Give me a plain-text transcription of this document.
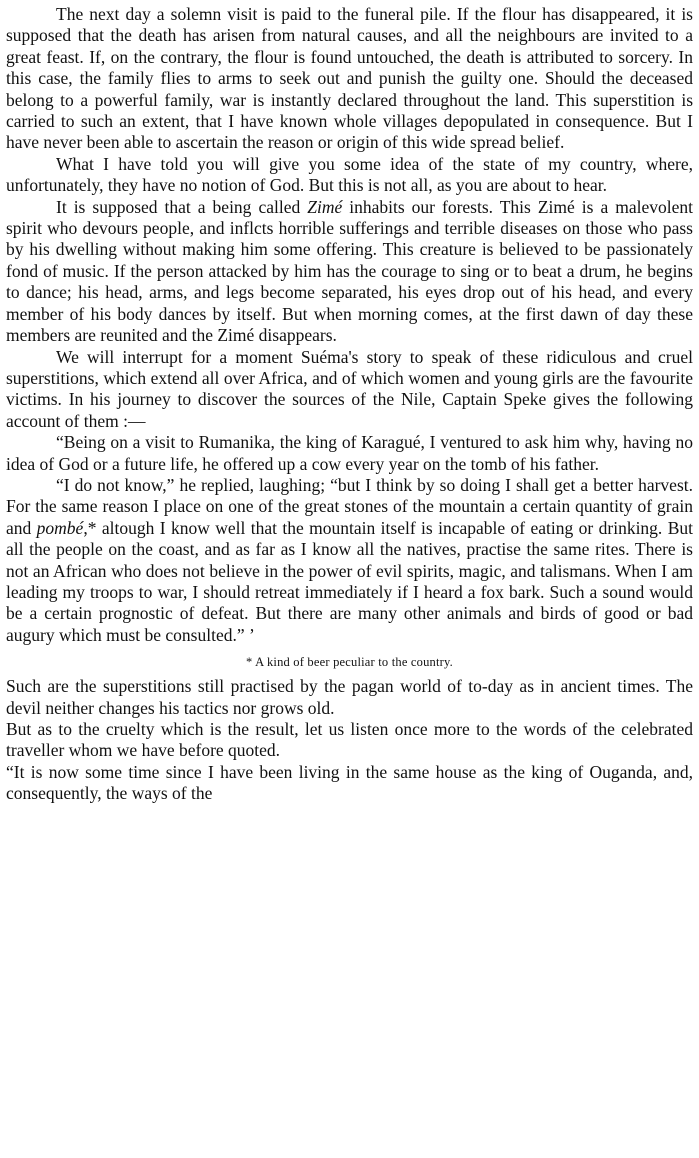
The next day a solemn visit is paid to the funeral pile. If the flour has disappeared, it is supposed that the death has arisen from natural causes, and all the neighbours are invited to a great feast. If, on the contrary, the flour is found untouched, the death is attributed to sorcery. In this case, the family flies to arms to seek out and punish the guilty one. Should the deceased belong to a powerful family, war is instantly declared throughout the land. This superstition is carried to such an extent, that I have known whole villages depopulated in consequence. But I have never been able to ascertain the reason or origin of this wide spread belief.

What I have told you will give you some idea of the state of my country, where, unfortunately, they have no notion of God. But this is not all, as you are about to hear.

It is supposed that a being called Zimé inhabits our forests. This Zimé is a malevolent spirit who devours people, and inflcts horrible sufferings and terrible diseases on those who pass by his dwelling without making him some offering. This creature is believed to be passionately fond of music. If the person attacked by him has the courage to sing or to beat a drum, he begins to dance; his head, arms, and legs become separated, his eyes drop out of his head, and every member of his body dances by itself. But when morning comes, at the first dawn of day these members are reunited and the Zimé disappears.

We will interrupt for a moment Suéma's story to speak of these ridiculous and cruel superstitions, which extend all over Africa, and of which women and young girls are the favourite victims. In his journey to discover the sources of the Nile, Captain Speke gives the following account of them :—

“Being on a visit to Rumanika, the king of Karagué, I ventured to ask him why, having no idea of God or a future life, he offered up a cow every year on the tomb of his father.

“I do not know,” he replied, laughing; “but I think by so doing I shall get a better harvest. For the same reason I place on one of the great stones of the mountain a certain quantity of grain and pombé,* altough I know well that the mountain itself is incapable of eating or drinking. But all the people on the coast, and as far as I know all the natives, practise the same rites. There is not an African who does not believe in the power of evil spirits, magic, and talismans. When I am leading my troops to war, I should retreat immediately if I heard a fox bark. Such a sound would be a certain prognostic of defeat. But there are many other animals and birds of good or bad augury which must be consulted.” ’

* A kind of beer peculiar to the country.

Such are the superstitions still practised by the pagan world of to-day as in ancient times. The devil neither changes his tactics nor grows old.

But as to the cruelty which is the result, let us listen once more to the words of the celebrated traveller whom we have before quoted.

“It is now some time since I have been living in the same house as the king of Ouganda, and, consequently, the ways of the
